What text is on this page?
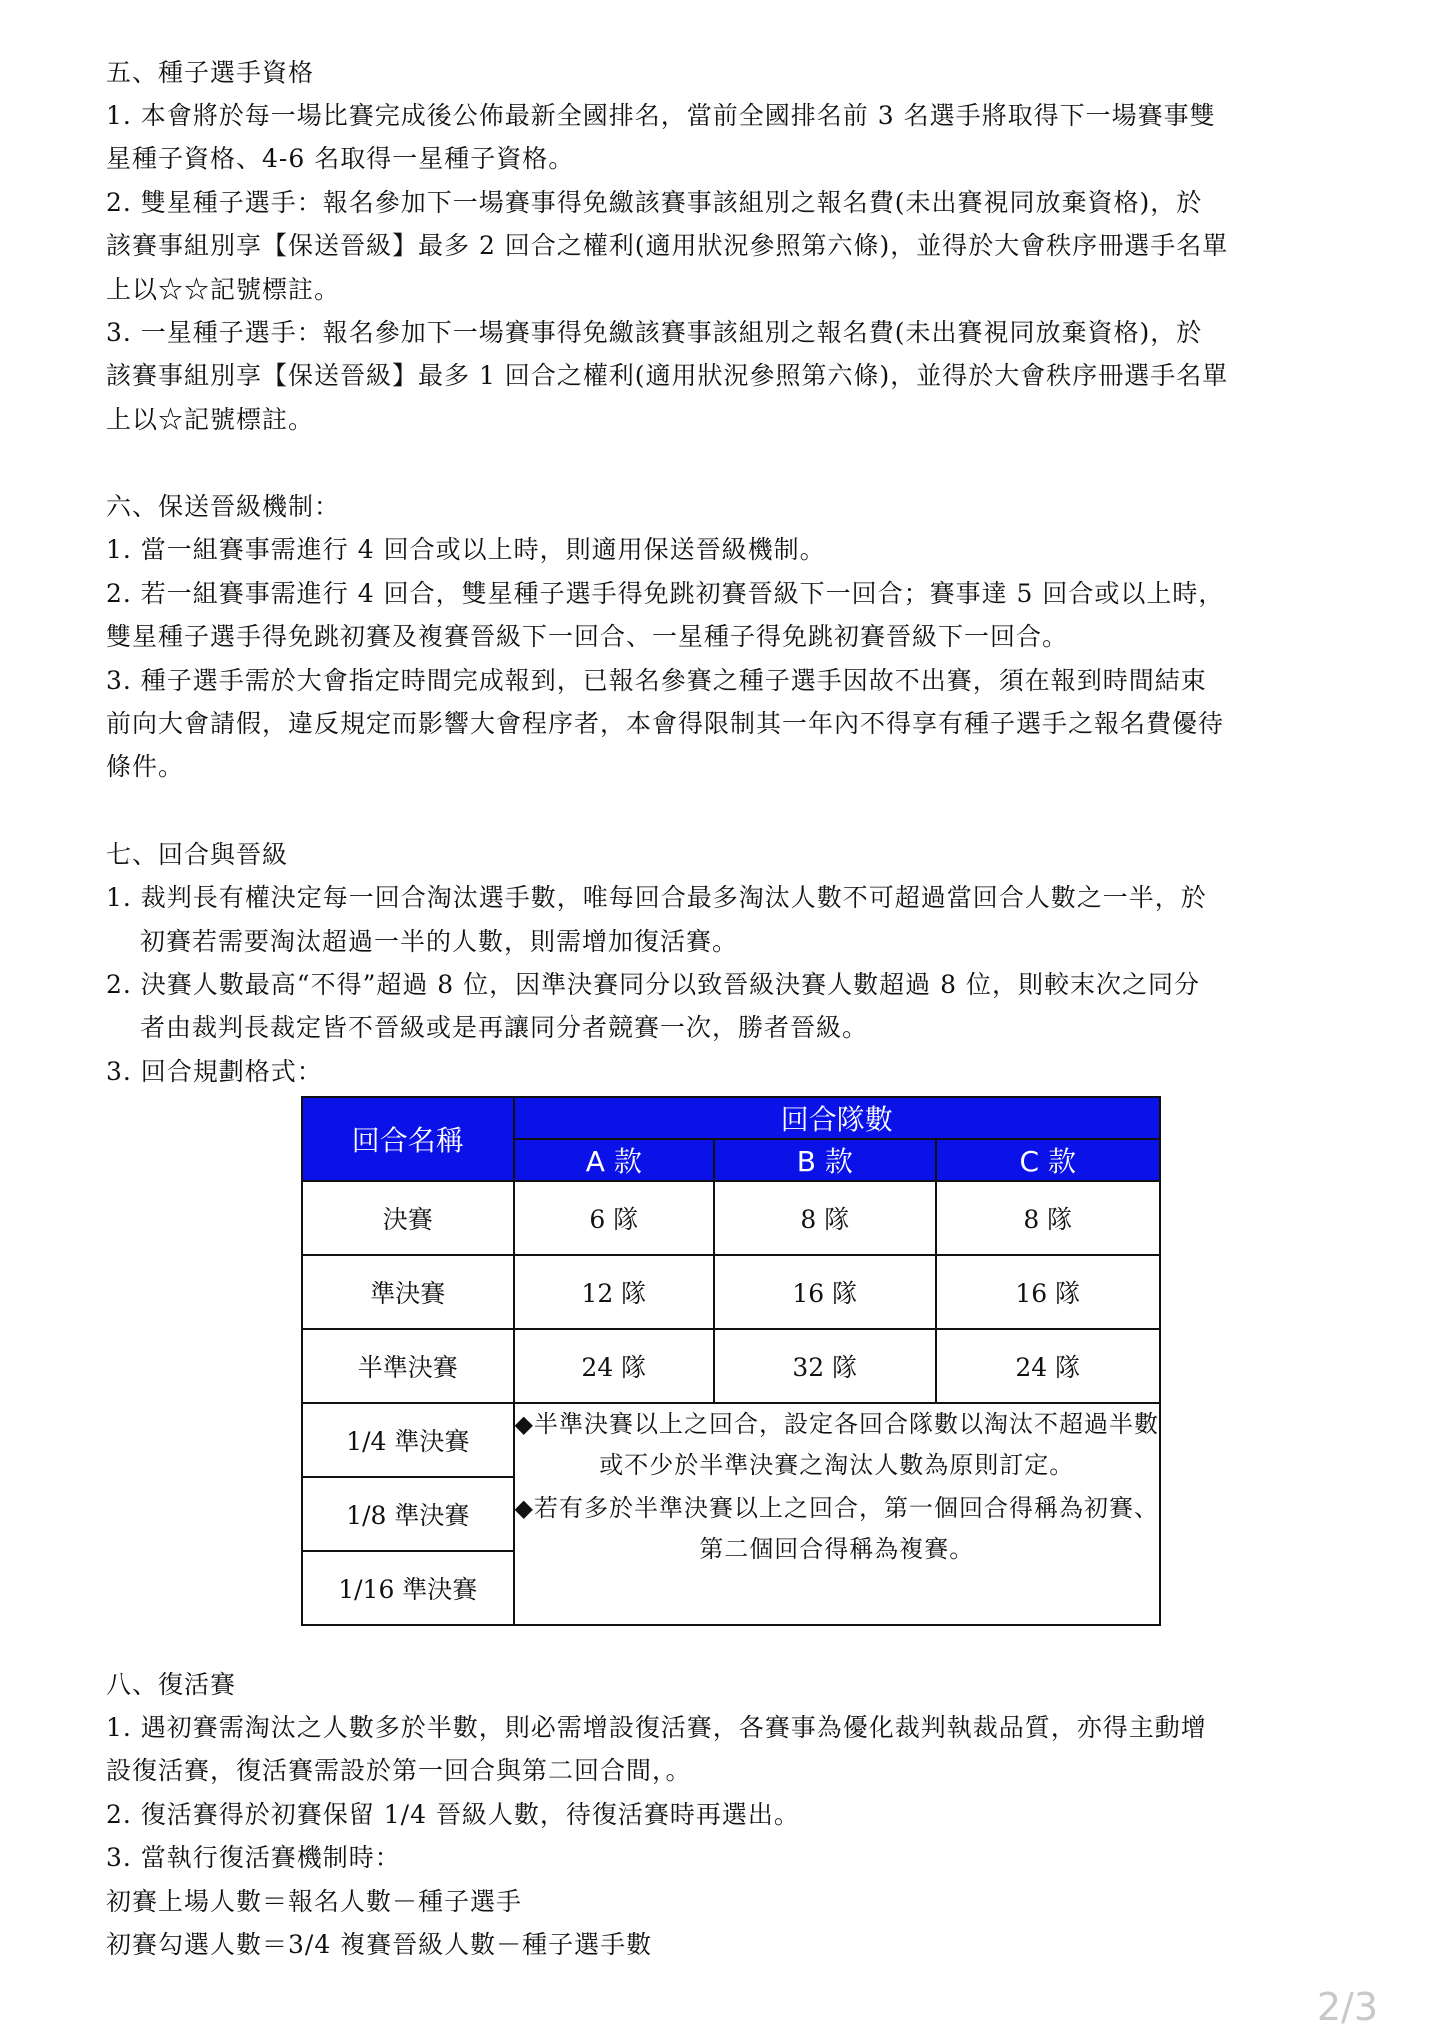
五、種子選手資格
1. 本會將於每一場比賽完成後公佈最新全國排名，當前全國排名前 3 名選手將取得下一場賽事雙
星種子資格、4-6 名取得一星種子資格。
2. 雙星種子選手：報名參加下一場賽事得免繳該賽事該組別之報名費(未出賽視同放棄資格)，於
該賽事組別享【保送晉級】最多 2 回合之權利(適用狀況參照第六條)，並得於大會秩序冊選手名單
上以☆☆記號標註。
3. 一星種子選手：報名參加下一場賽事得免繳該賽事該組別之報名費(未出賽視同放棄資格)，於
該賽事組別享【保送晉級】最多 1 回合之權利(適用狀況參照第六條)，並得於大會秩序冊選手名單
上以☆記號標註。
六、保送晉級機制：
1. 當一組賽事需進行 4 回合或以上時，則適用保送晉級機制。
2. 若一組賽事需進行 4 回合，雙星種子選手得免跳初賽晉級下一回合；賽事達 5 回合或以上時，
雙星種子選手得免跳初賽及複賽晉級下一回合、一星種子得免跳初賽晉級下一回合。
3. 種子選手需於大會指定時間完成報到，已報名參賽之種子選手因故不出賽，須在報到時間結束
前向大會請假，違反規定而影響大會程序者，本會得限制其一年內不得享有種子選手之報名費優待
條件。
七、回合與晉級
1. 裁判長有權決定每一回合淘汰選手數，唯每回合最多淘汰人數不可超過當回合人數之一半，於
初賽若需要淘汰超過一半的人數，則需增加復活賽。
2. 決賽人數最高“不得”超過 8 位，因準決賽同分以致晉級決賽人數超過 8 位，則較末次之同分
者由裁判長裁定皆不晉級或是再讓同分者競賽一次，勝者晉級。
3. 回合規劃格式：
回合名稱	回合隊數		
	A 款	B 款	C 款
決賽	6 隊	8 隊	8 隊
準決賽	12 隊	16 隊	16 隊
半準決賽	24 隊	32 隊	24 隊
1/4 準決賽	◆半準決賽以上之回合，設定各回合隊數以淘汰不超過半數或不少於半準決賽之淘汰人數為原則訂定。
◆若有多於半準決賽以上之回合，第一個回合得稱為初賽、第二個回合得稱為複賽。		

1/8 準決賽			
1/16 準決賽			
八、復活賽
1. 遇初賽需淘汰之人數多於半數，則必需增設復活賽，各賽事為優化裁判執裁品質，亦得主動增
設復活賽，復活賽需設於第一回合與第二回合間，。
2. 復活賽得於初賽保留 1/4 晉級人數，待復活賽時再選出。
3. 當執行復活賽機制時：
初賽上場人數＝報名人數－種子選手
初賽勾選人數＝3/4 複賽晉級人數－種子選手數
2/3
